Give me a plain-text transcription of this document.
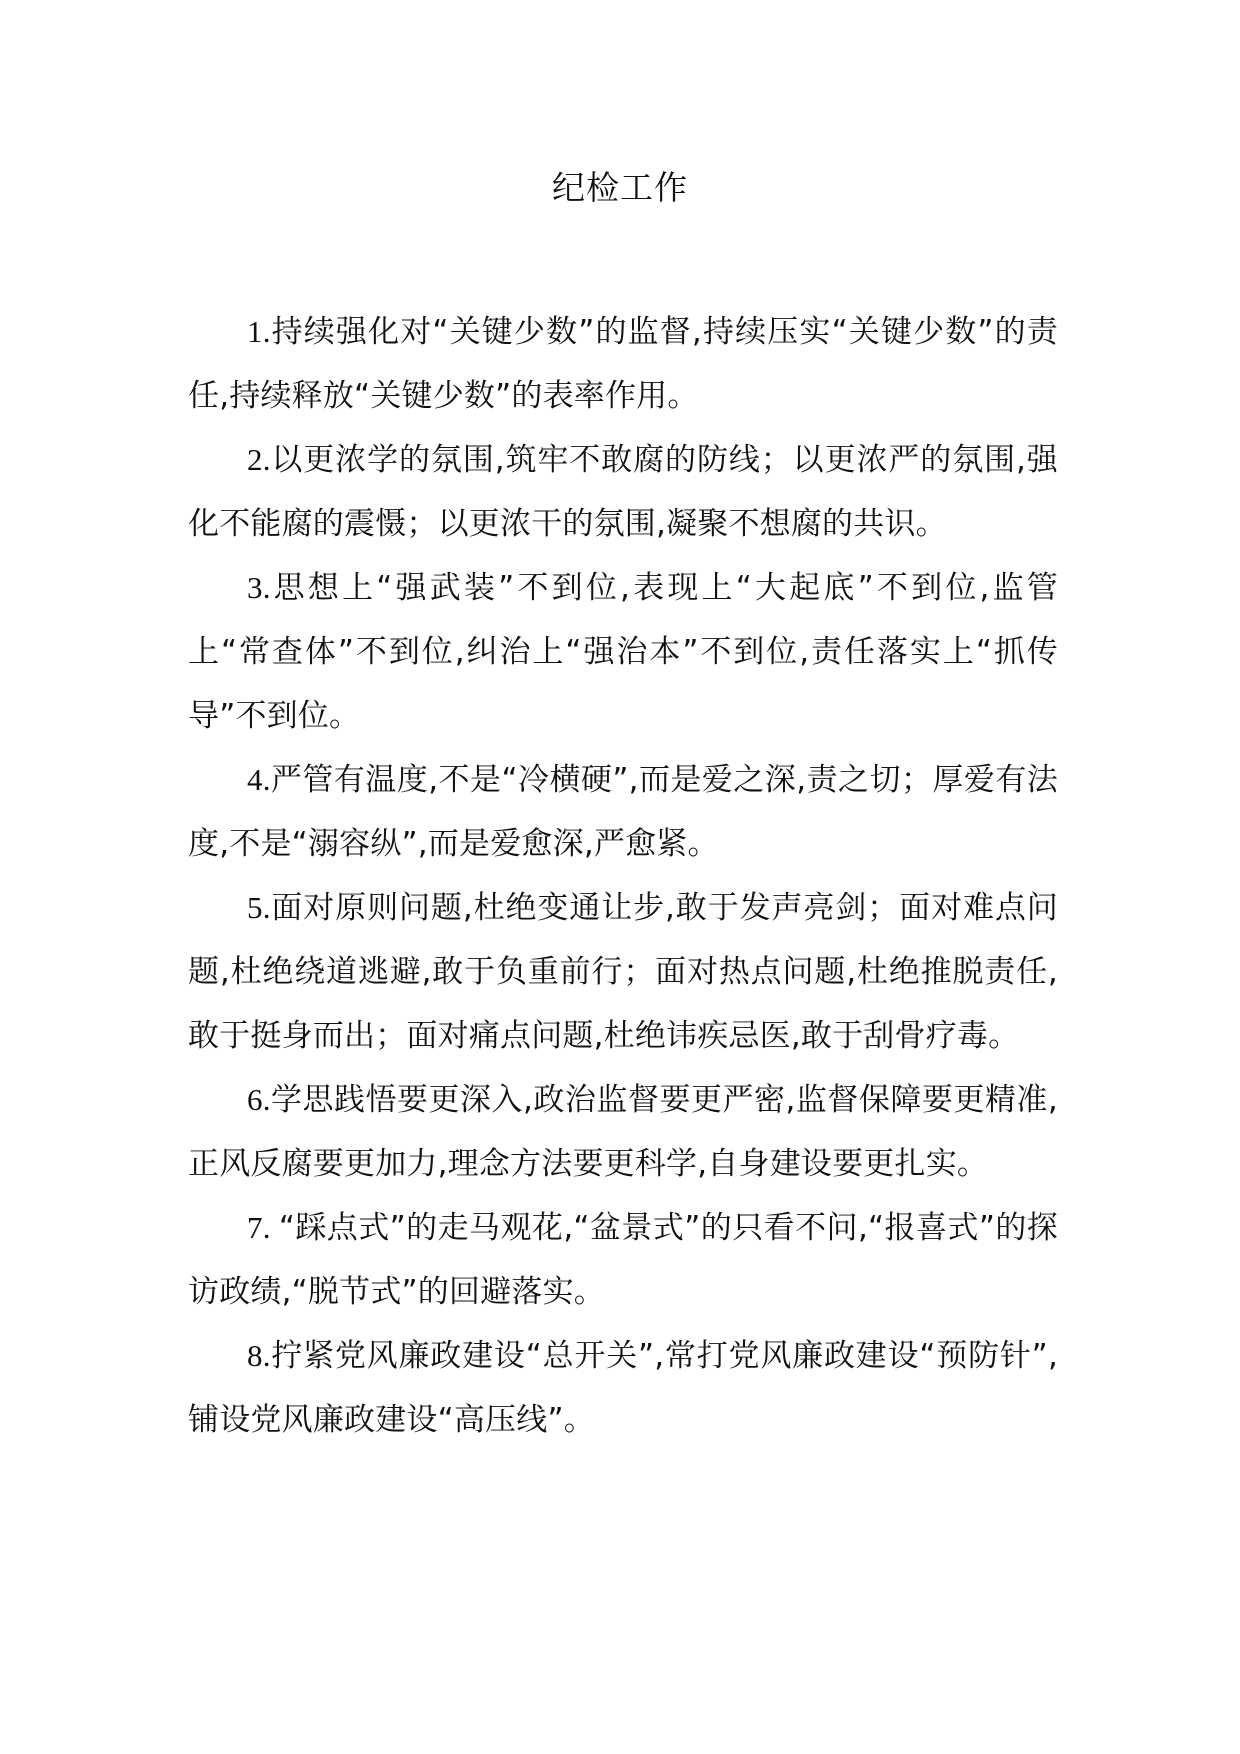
纪检工作

1.持续强化对“关键少数”的监督,持续压实“关键少数”的责任,持续释放“关键少数”的表率作用。

2.以更浓学的氛围,筑牢不敢腐的防线；以更浓严的氛围,强化不能腐的震慑；以更浓干的氛围,凝聚不想腐的共识。

3.思想上“强武装”不到位,表现上“大起底”不到位,监管上“常查体”不到位,纠治上“强治本”不到位,责任落实上“抓传导”不到位。

4.严管有温度,不是“冷横硬”,而是爱之深,责之切；厚爱有法度,不是“溺容纵”,而是爱愈深,严愈紧。

5.面对原则问题,杜绝变通让步,敢于发声亮剑；面对难点问题,杜绝绕道逃避,敢于负重前行；面对热点问题,杜绝推脱责任,敢于挺身而出；面对痛点问题,杜绝讳疾忌医,敢于刮骨疗毒。

6.学思践悟要更深入,政治监督要更严密,监督保障要更精准,正风反腐要更加力,理念方法要更科学,自身建设要更扎实。

7. “踩点式”的走马观花,“盆景式”的只看不问,“报喜式”的探访政绩,“脱节式”的回避落实。

8.拧紧党风廉政建设“总开关”,常打党风廉政建设“预防针”,铺设党风廉政建设“高压线”。
